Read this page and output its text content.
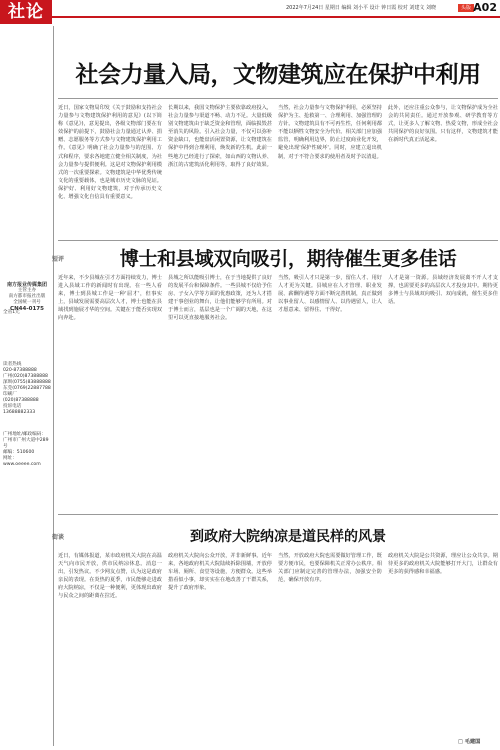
社论	2022年7月24日 星期日 编辑 刘小平 设计 钟日霞 校对 刘建文 刘晓	头版 A02
南方报业传媒集团
主管主办
南方都市报社出版
全国统一刊号
CN44-0175
全省1元
读者热线
020-87388888
广州(020)87388888
深圳(0755)83888888
东莞(0769)22887788
印刷厂(020)87388888
投诉电话
13688882333
广州地址/邮政编码：
广州市广州大道中289号
邮编：510600
网址：www.oeeee.com
社会力量入局，文物建筑应在保护中利用
近日，国家文物局印发《关于鼓励和支持社会力量参与文物建筑保护利用的意见》(以下简称《意见》)，意见提出，各级文物部门要在有效保护的前提下，鼓励社会力量通过认养、捐赠、志愿服务等方式参与文物建筑保护利用工作。《意见》明确了社会力量参与的范围、方式和程序，要求各地建立健全相关制度，为社会力量参与提供便利。这是对文物保护利用模式的一次重要探索。文物建筑是中华优秀传统文化的重要载体，也是城市历史文脉的见证。保护好、利用好文物建筑，对于传承历史文化、增强文化自信具有重要意义。
长期以来，我国文物保护主要依靠政府投入，社会力量参与渠道不畅、动力不足。大量低级别文物建筑由于缺乏资金和管理，面临损毁甚至消失的风险。引入社会力量，不仅可以弥补资金缺口，也能盘活闲置资源，让文物建筑在保护中得到合理利用，焕发新的生机。此前一些地方已经进行了探索，如山西的文物认养、浙江的古建筑活化利用等，取得了良好效果。
当然，社会力量参与文物保护利用，必须坚持保护为主、抢救第一、合理利用、加强管理的方针。文物建筑具有不可再生性，任何利用都不能以牺牲文物安全为代价。相关部门应加强监管，明确利用边界，防止过度商业化开发，避免出现'保护性破坏'。同时，应建立退出机制，对于不符合要求的使用者及时予以清退。
此外，还应注重公众参与，让文物保护成为全社会的共同责任。通过开放参观、研学教育等方式，让更多人了解文物、热爱文物，形成全社会共同保护的良好氛围。只有这样，文物建筑才能在新时代真正活起来。
短评	博士和县域双向吸引，期待催生更多佳话
近年来，不少县城在引才方面持续发力，博士进入县域工作的新闻时有出现。在一些人看来，博士到县城工作是一种'屈才'，但事实上，县域发展需要高层次人才，博士也能在县域找到施展才华的空间。关键在于能否实现双向奔赴。
县城之所以能吸引博士，在于当地提供了良好的发展平台和保障条件。一些县城不仅给予住房、子女入学等方面的优惠政策，还为人才搭建干事创业的舞台，让他们能够学有所用。对于博士而言，基层也是一个广阔的天地，在这里可以更直接地服务社会。
当然，吸引人才只是第一步，留住人才、用好人才更为关键。县城应在人才管理、职业发展、薪酬待遇等方面不断完善机制，真正做到以事业留人、以感情留人、以待遇留人，让人才愿意来、留得住、干得好。
人才是第一资源。县域经济发展离不开人才支撑，也需要更多的高层次人才投身其中。期待更多博士与县域双向吸引、双向成就，催生更多佳话。
街谈	到政府大院纳凉是道民样的风景
近日，有媒体报道，某市政府机关大院在高温天气向市民开放，供市民纳凉休息。消息一出，引发热议。不少网友点赞，认为这是政府亲民的表现。在炎热的夏季，市民能够走进政府大院纳凉，不仅是一种便利，更体现出政府与民众之间的距离在拉近。
政府机关大院向公众开放，并非新鲜事。近年来，各地政府机关大院陆续拆除围墙，开放停车场、厕所、食堂等设施，方便群众。这些举措看似小事，却实实在在地改善了干群关系，提升了政府形象。
当然，开放政府大院也需要做好管理工作，既要方便市民，也要保障机关正常办公秩序。相关部门应制定完善的管理办法，加强安全防范，确保开放有序。
政府机关大院是公共资源，理应让公众共享。期待更多的政府机关大院能够打开大门，让群众有更多的获得感和幸福感。
□ 毛建国
